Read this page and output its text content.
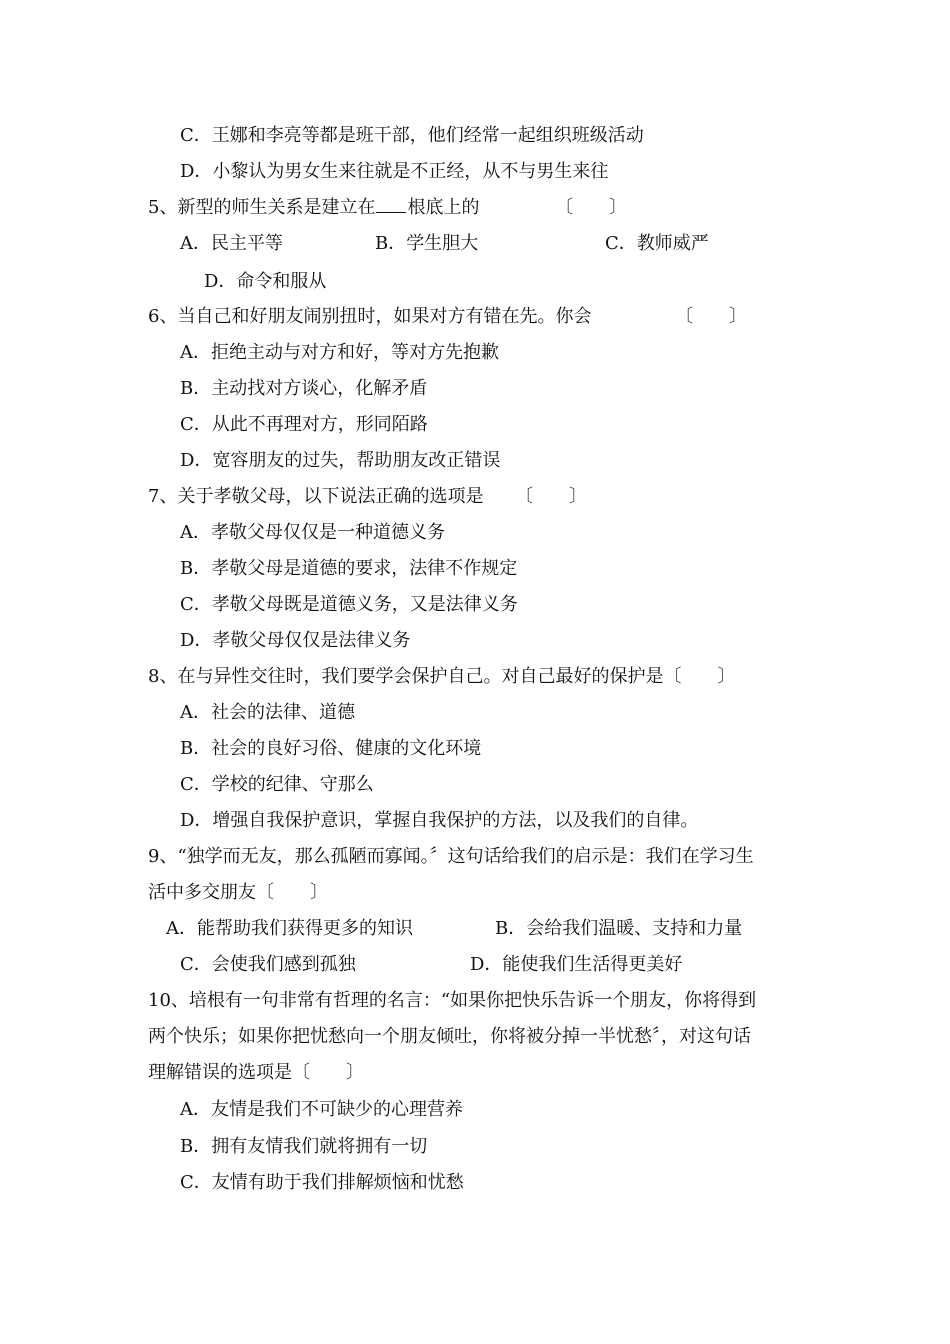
C．王娜和李亮等都是班干部，他们经常一起组织班级活动
D．小黎认为男女生来往就是不正经，从不与男生来往
5、新型的师生关系是建立在 根底上的	〔　　〕
A．民主平等	B．学生胆大	C．教师威严
D．命令和服从
6、当自己和好朋友闹别扭时，如果对方有错在先。你会	〔　　〕
A．拒绝主动与对方和好，等对方先抱歉
B．主动找对方谈心，化解矛盾
C．从此不再理对方，形同陌路
D．宽容朋友的过失，帮助朋友改正错误
7、关于孝敬父母，以下说法正确的选项是 〔　　〕
A．孝敬父母仅仅是一种道德义务
B．孝敬父母是道德的要求，法律不作规定
C．孝敬父母既是道德义务，又是法律义务
D．孝敬父母仅仅是法律义务
8、在与异性交往时，我们要学会保护自己。对自己最好的保护是〔　　〕
A．社会的法律、道德
B．社会的良好习俗、健康的文化环境
C．学校的纪律、守那么
D．增强自我保护意识，掌握自我保护的方法，以及我们的自律。
9、“独学而无友，那么孤陋而寡闻。〞这句话给我们的启示是：我们在学习生
活中多交朋友〔　　〕
A．能帮助我们获得更多的知识	B．会给我们温暖、支持和力量
C．会使我们感到孤独	D．能使我们生活得更美好
10、培根有一句非常有哲理的名言：“如果你把快乐告诉一个朋友，你将得到
两个快乐；如果你把忧愁向一个朋友倾吐，你将被分掉一半忧愁〞，对这句话
理解错误的选项是〔　　〕
A．友情是我们不可缺少的心理营养
B．拥有友情我们就将拥有一切
C．友情有助于我们排解烦恼和忧愁
